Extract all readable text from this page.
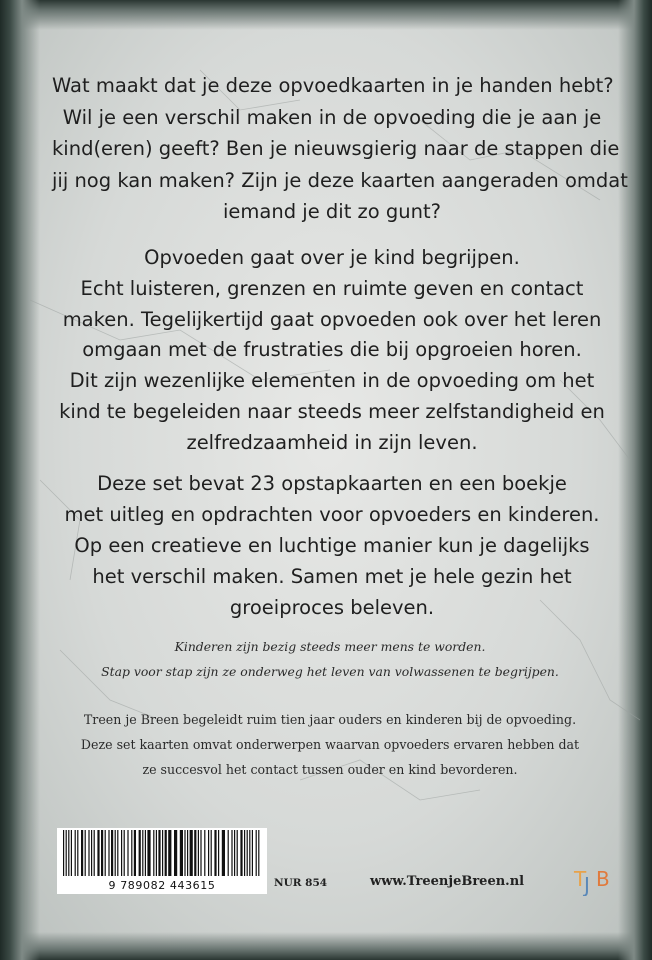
Wat maakt dat je deze opvoedkaarten in je handen hebt?
Wil je een verschil maken in de opvoeding die je aan je
kind(eren) geeft? Ben je nieuwsgierig naar de stappen die
jij nog kan maken? Zijn je deze kaarten aangeraden omdat
iemand je dit zo gunt?

Opvoeden gaat over je kind begrijpen.
Echt luisteren, grenzen en ruimte geven en contact
maken. Tegelijkertijd gaat opvoeden ook over het leren
omgaan met de frustraties die bij opgroeien horen.
Dit zijn wezenlijke elementen in de opvoeding om het
kind te begeleiden naar steeds meer zelfstandigheid en
zelfredzaamheid in zijn leven.

Deze set bevat 23 opstapkaarten en een boekje
met uitleg en opdrachten voor opvoeders en kinderen.
Op een creatieve en luchtige manier kun je dagelijks
het verschil maken. Samen met je hele gezin het
groeiproces beleven.

Kinderen zijn bezig steeds meer mens te worden.
Stap voor stap zijn ze onderweg het leven van volwassenen te begrijpen.

Treen je Breen begeleidt ruim tien jaar ouders en kinderen bij de opvoeding.
Deze set kaarten omvat onderwerpen waarvan opvoeders ervaren hebben dat
ze succesvol het contact tussen ouder en kind bevorderen.

9 789082 443615	NUR 854	www.TreenjeBreen.nl T
J B
